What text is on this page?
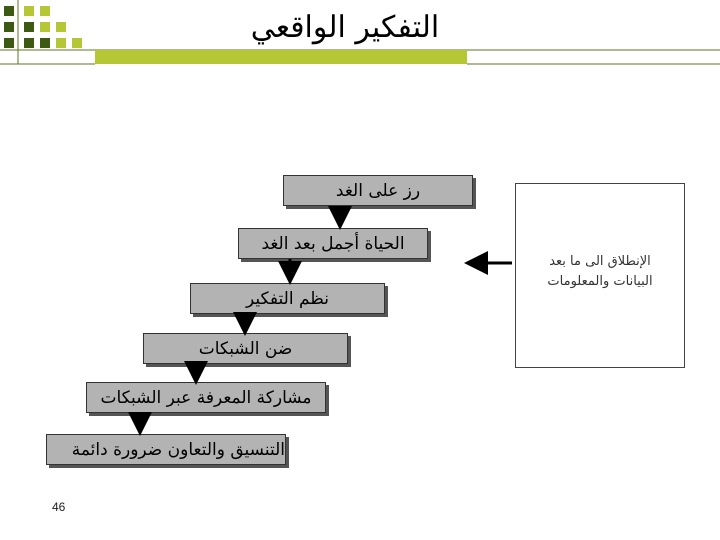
التفكير الواقعي
رز على الغد
الحياة أجمل بعد الغد
نظم التفكير
ضن الشبكات
مشاركة المعرفة عبر الشبكات
التنسيق والتعاون ضرورة دائمة
الإنطلاق الى ما بعد
البيانات والمعلومات
46
